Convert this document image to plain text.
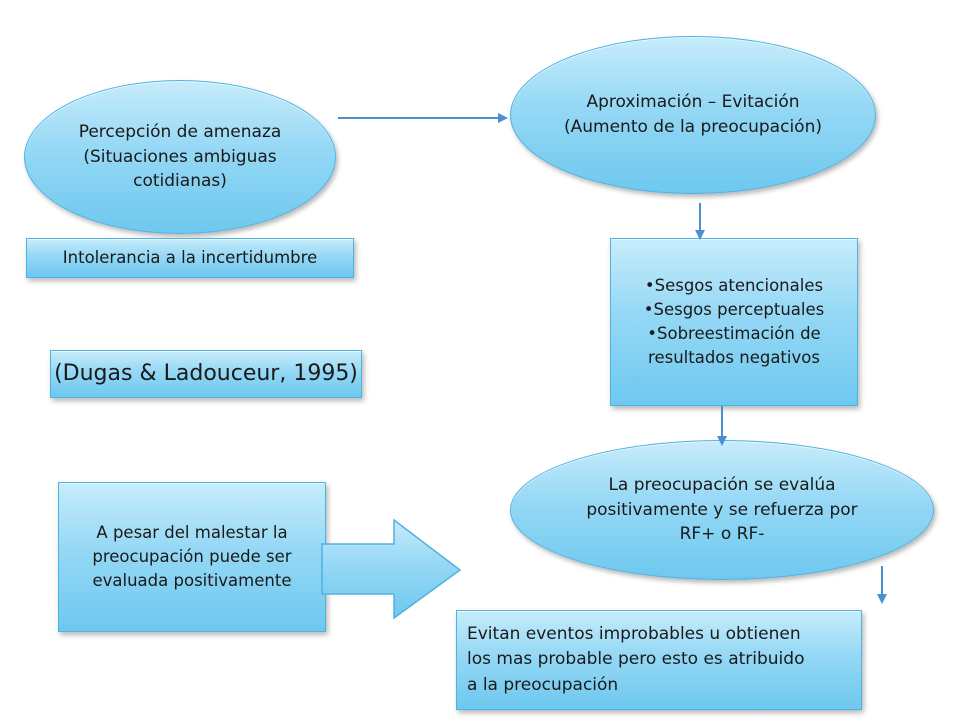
Percepción de amenaza
(Situaciones ambiguas
cotidianas)
Aproximación – Evitación
(Aumento de la preocupación)
Intolerancia a la incertidumbre
•Sesgos atencionales
•Sesgos perceptuales
•Sobreestimación de
resultados negativos
(Dugas & Ladouceur, 1995)
La preocupación se evalúa
positivamente y se refuerza por
RF+ o RF-
A pesar del malestar la
preocupación puede ser
evaluada positivamente
Evitan eventos improbables u obtienen
los mas probable pero esto es atribuido
a la preocupación
